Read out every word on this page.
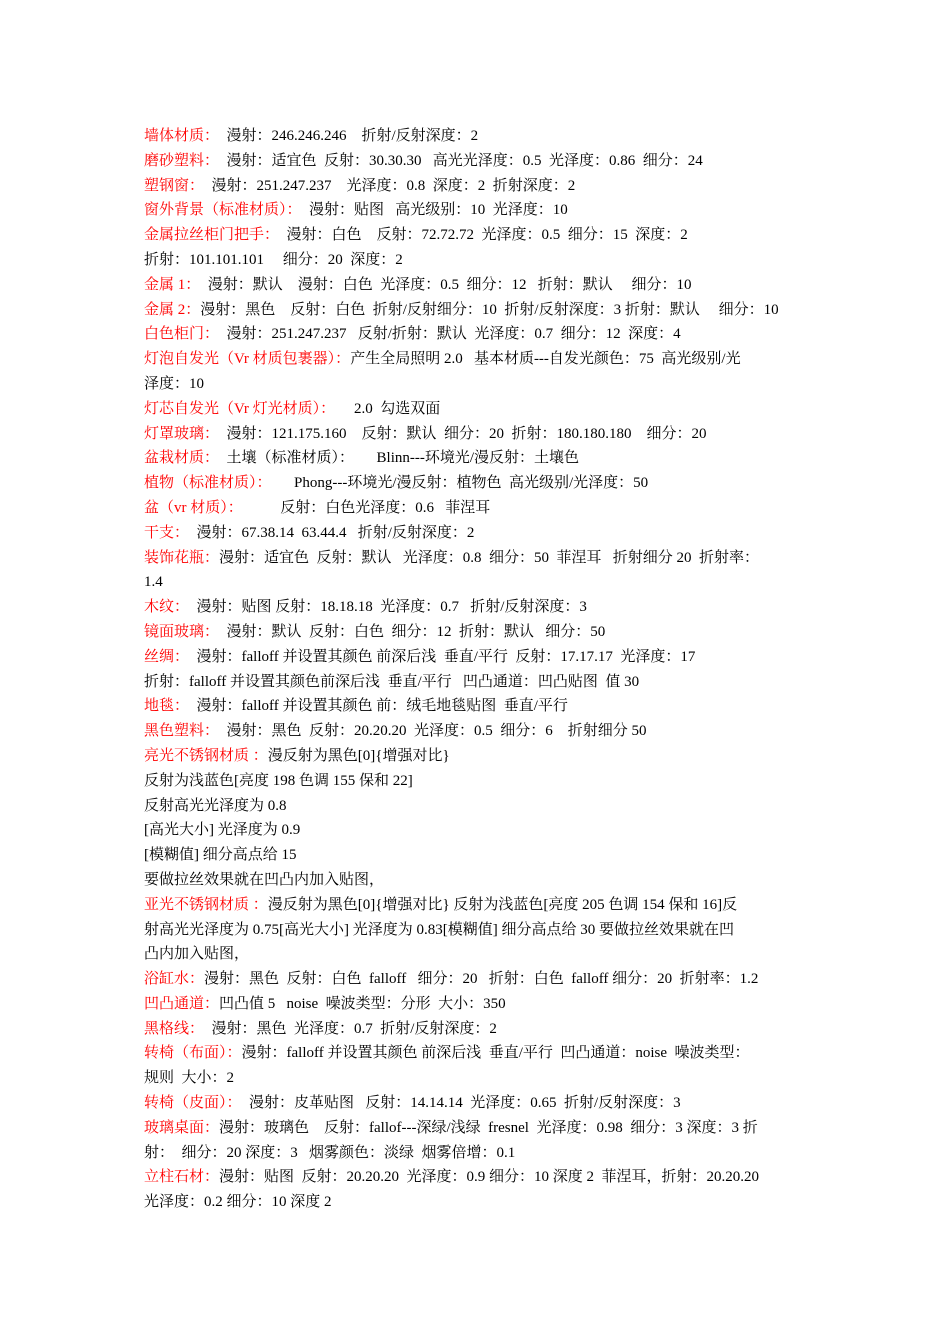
墙体材质：  漫射：246.246.246    折射/反射深度：2
磨砂塑料：  漫射：适宜色  反射：30.30.30   高光光泽度：0.5  光泽度：0.86  细分：24
塑钢窗：  漫射：251.247.237    光泽度：0.8  深度：2  折射深度：2
窗外背景（标准材质）：  漫射：贴图   高光级别：10  光泽度：10
金属拉丝柜门把手：  漫射：白色    反射：72.72.72  光泽度：0.5  细分：15  深度：2
折射：101.101.101     细分：20  深度：2
金属 1：  漫射：默认    漫射：白色  光泽度：0.5  细分：12   折射：默认     细分：10
金属 2：漫射：黑色    反射：白色  折射/反射细分：10  折射/反射深度：3 折射：默认     细分：10
白色柜门：  漫射：251.247.237   反射/折射：默认  光泽度：0.7  细分：12  深度：4
灯泡自发光（Vr 材质包裹器）：产生全局照明 2.0   基本材质---自发光颜色：75  高光级别/光
泽度：10
灯芯自发光（Vr 灯光材质）：     2.0  勾选双面
灯罩玻璃：  漫射：121.175.160    反射：默认  细分：20  折射：180.180.180    细分：20
盆栽材质：  土壤（标准材质）：      Blinn---环境光/漫反射：土壤色
植物（标准材质）：      Phong---环境光/漫反射：植物色  高光级别/光泽度：50
盆（vr 材质）：          反射：白色光泽度：0.6   菲涅耳
干支：  漫射：67.38.14  63.44.4   折射/反射深度：2
装饰花瓶：漫射：适宜色  反射：默认   光泽度：0.8  细分：50  菲涅耳   折射细分 20  折射率：
1.4
木纹：  漫射：贴图 反射：18.18.18  光泽度：0.7   折射/反射深度：3
镜面玻璃：  漫射：默认  反射：白色  细分：12  折射：默认   细分：50
丝绸：  漫射：falloff 并设置其颜色 前深后浅  垂直/平行  反射：17.17.17  光泽度：17
折射：falloff 并设置其颜色前深后浅  垂直/平行   凹凸通道：凹凸贴图  值 30
地毯：  漫射：falloff 并设置其颜色 前：绒毛地毯贴图  垂直/平行
黑色塑料：  漫射：黑色  反射：20.20.20  光泽度：0.5  细分：6    折射细分 50
亮光不锈钢材质 ：漫反射为黑色[0]{增强对比}
反射为浅蓝色[亮度 198 色调 155 保和 22]
反射高光光泽度为 0.8
[高光大小] 光泽度为 0.9
[模糊值] 细分高点给 15
要做拉丝效果就在凹凸内加入贴图，
亚光不锈钢材质 ：漫反射为黑色[0]{增强对比} 反射为浅蓝色[亮度 205 色调 154 保和 16]反
射高光光泽度为 0.75[高光大小] 光泽度为 0.83[模糊值] 细分高点给 30 要做拉丝效果就在凹
凸内加入贴图，
浴缸水：漫射：黑色  反射：白色  falloff   细分：20   折射：白色  falloff 细分：20  折射率：1.2
凹凸通道：凹凸值 5   noise  噪波类型：分形  大小：350
黑格线：  漫射：黑色  光泽度：0.7  折射/反射深度：2
转椅（布面）：漫射：falloff 并设置其颜色 前深后浅  垂直/平行  凹凸通道：noise  噪波类型：
规则  大小：2
转椅（皮面）：  漫射：皮革贴图   反射：14.14.14  光泽度：0.65  折射/反射深度：3
玻璃桌面：漫射：玻璃色    反射：fallof---深绿/浅绿  fresnel  光泽度：0.98  细分：3 深度：3 折
射：  细分：20 深度：3   烟雾颜色：淡绿  烟雾倍增：0.1
立柱石材：漫射：贴图  反射：20.20.20  光泽度：0.9 细分：10 深度 2  菲涅耳，折射：20.20.20
光泽度：0.2 细分：10 深度 2
